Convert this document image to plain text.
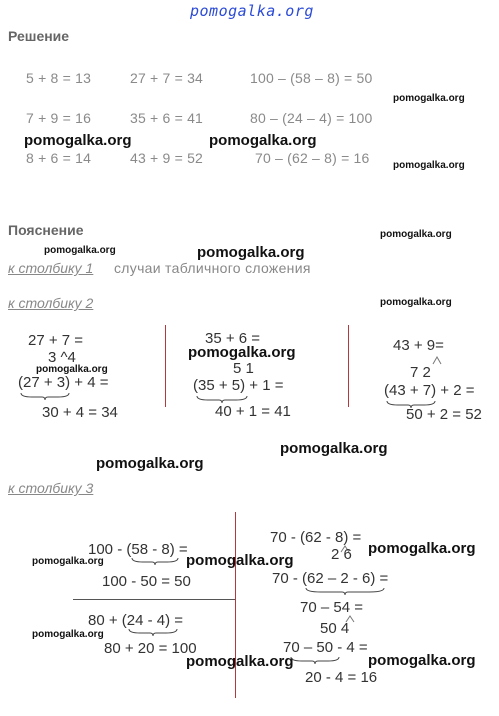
pomogalka.org
Решение
5 + 8 = 13	27 + 7 = 34	100 – (58 – 8) = 50
7 + 9 = 16	35 + 6 = 41	80 – (24 – 4) = 100
8 + 6 = 14	43 + 9 = 52	70 – (62 – 8) = 16
pomogalka.org
pomogalka.org	pomogalka.org
pomogalka.org
Пояснение	pomogalka.org
pomogalka.org	pomogalka.org
к столбику 1 случаи табличного сложения
к столбику 2	pomogalka.org
27 + 7 =
3 ^4
pomogalka.org
(27 + 3) + 4 =
30 + 4 = 34
35 + 6 =
pomogalka.org
5 1
(35 + 5) + 1 =
40 + 1 = 41
43 + 9=
7 2
(43 + 7) + 2 =
50 + 2 = 52
pomogalka.org
pomogalka.org
к столбику 3
100 - (58 - 8) =
pomogalka.org	pomogalka.org
100 - 50 = 50
80 + (24 - 4) =
pomogalka.org
80 + 20 = 100
pomogalka.org
70 - (62 - 8) =
2 6 pomogalka.org
70 - (62 – 2 - 6) =
70 – 54 =
50 4
70 – 50 - 4 =
pomogalka.org
20 - 4 = 16
